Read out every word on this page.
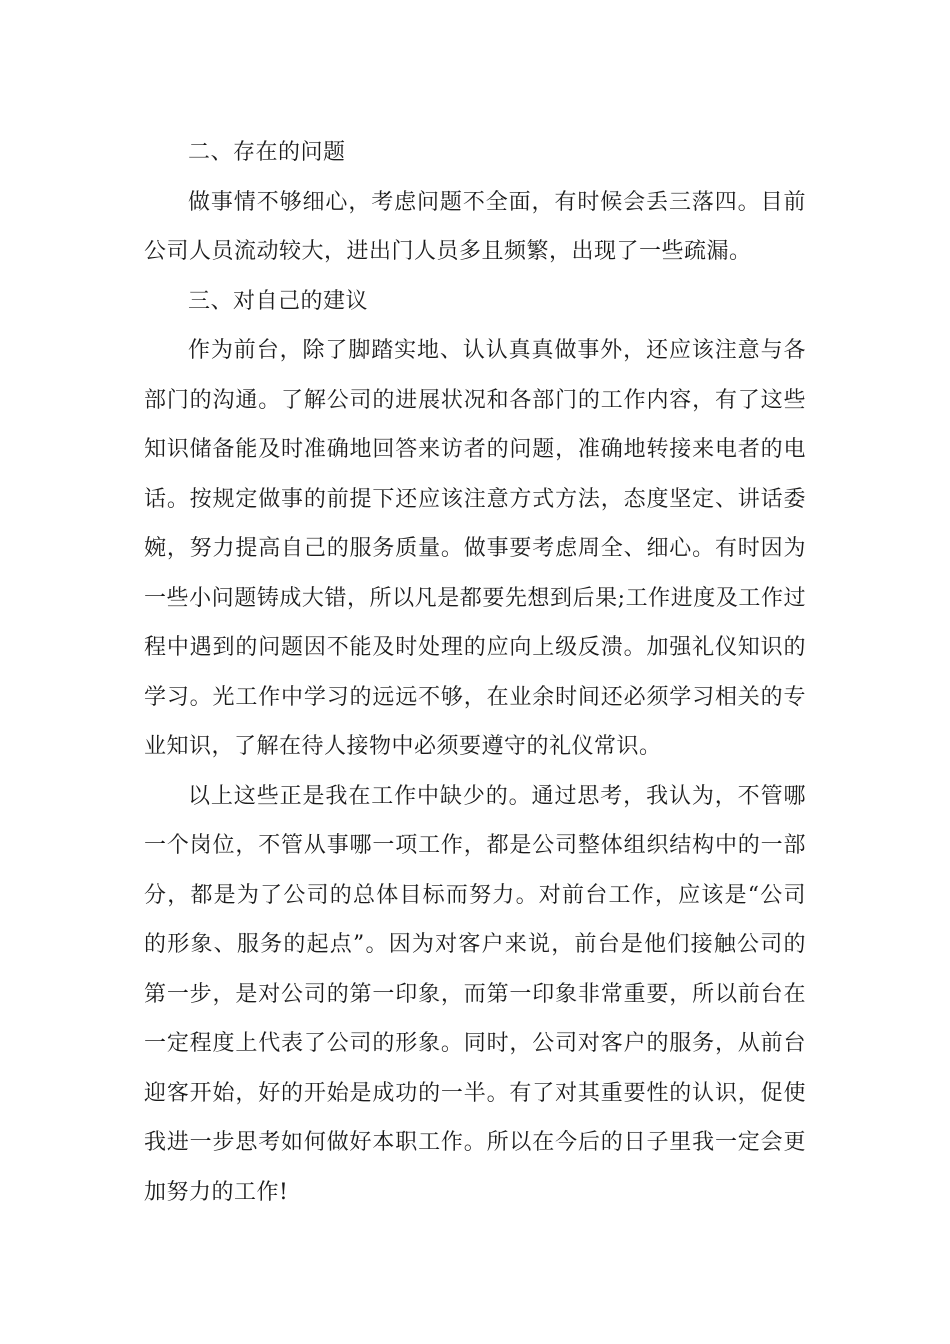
二、存在的问题

做事情不够细心，考虑问题不全面，有时候会丢三落四。目前公司人员流动较大，进出门人员多且频繁，出现了一些疏漏。

三、对自己的建议

作为前台，除了脚踏实地、认认真真做事外，还应该注意与各部门的沟通。了解公司的进展状况和各部门的工作内容，有了这些知识储备能及时准确地回答来访者的问题，准确地转接来电者的电话。按规定做事的前提下还应该注意方式方法，态度坚定、讲话委婉，努力提高自己的服务质量。做事要考虑周全、细心。有时因为一些小问题铸成大错，所以凡是都要先想到后果;工作进度及工作过程中遇到的问题因不能及时处理的应向上级反溃。加强礼仪知识的学习。光工作中学习的远远不够，在业余时间还必须学习相关的专业知识，了解在待人接物中必须要遵守的礼仪常识。

以上这些正是我在工作中缺少的。通过思考，我认为，不管哪一个岗位，不管从事哪一项工作，都是公司整体组织结构中的一部分，都是为了公司的总体目标而努力。对前台工作，应该是“公司的形象、服务的起点”。因为对客户来说，前台是他们接触公司的第一步，是对公司的第一印象，而第一印象非常重要，所以前台在一定程度上代表了公司的形象。同时，公司对客户的服务，从前台迎客开始，好的开始是成功的一半。有了对其重要性的认识，促使我进一步思考如何做好本职工作。所以在今后的日子里我一定会更加努力的工作!
